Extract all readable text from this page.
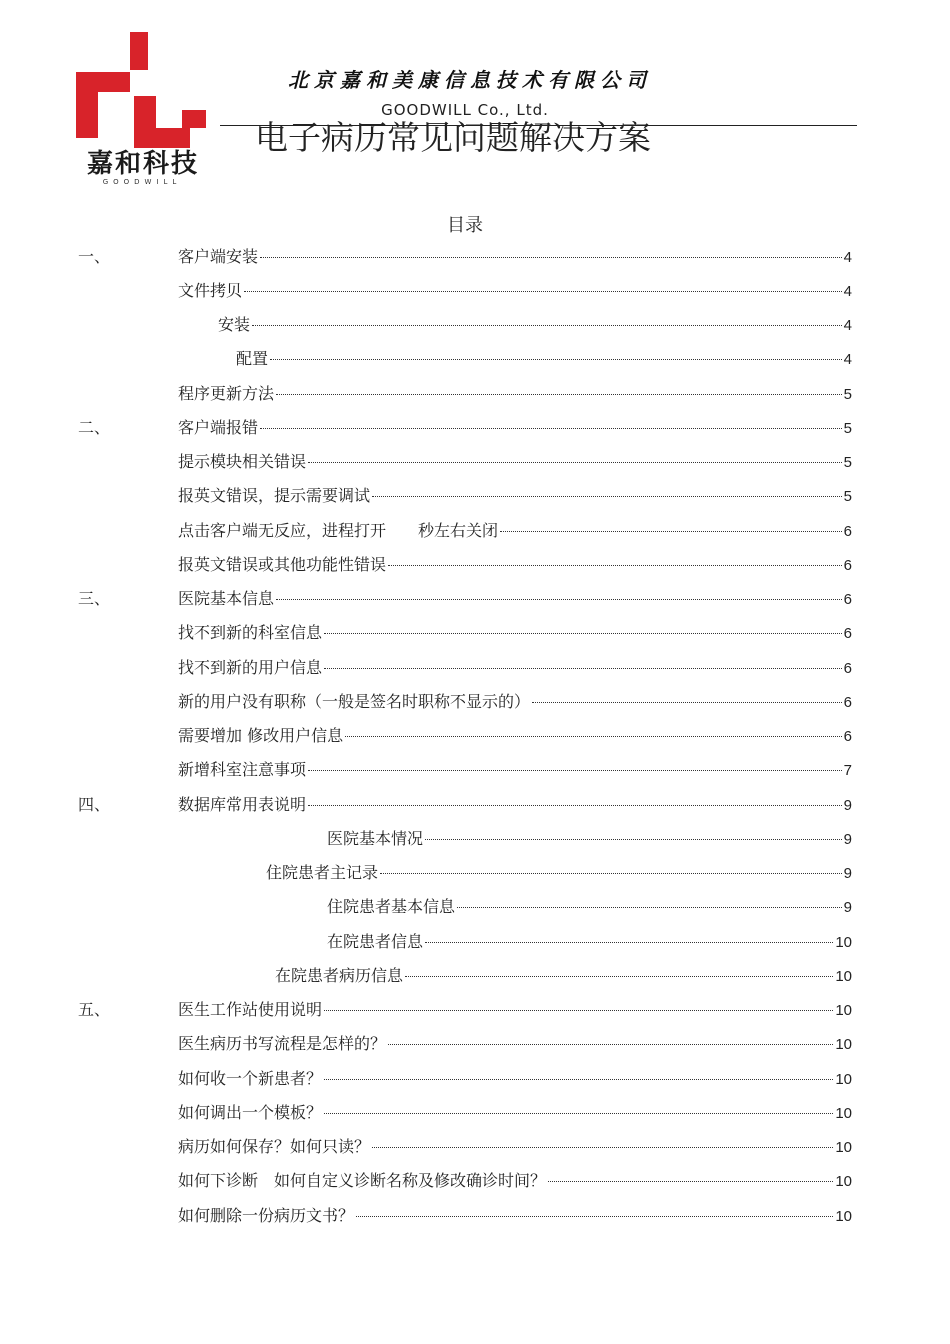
嘉和科技
GOODWILL
北京嘉和美康信息技术有限公司
GOODWILL Co., Ltd.
电子病历常见问题解决方案
目录
一、	客户端安装	4
文件拷贝	4
安装	4
配置	4
程序更新方法	5
二、	客户端报错	5
提示模块相关错误	5
报英文错误，提示需要调试	5
点击客户端无反应，进程打开　　秒左右关闭	6
报英文错误或其他功能性错误	6
三、	医院基本信息	6
找不到新的科室信息	6
找不到新的用户信息	6
新的用户没有职称（一般是签名时职称不显示的）	6
需要增加 修改用户信息	6
新增科室注意事项	7
四、	数据库常用表说明	9
医院基本情况	9
住院患者主记录	9
住院患者基本信息	9
在院患者信息	10
在院患者病历信息	10
五、	医生工作站使用说明	10
医生病历书写流程是怎样的？	10
如何收一个新患者？	10
如何调出一个模板？	10
病历如何保存？如何只读？	10
如何下诊断　如何自定义诊断名称及修改确诊时间？	10
如何删除一份病历文书？	10
